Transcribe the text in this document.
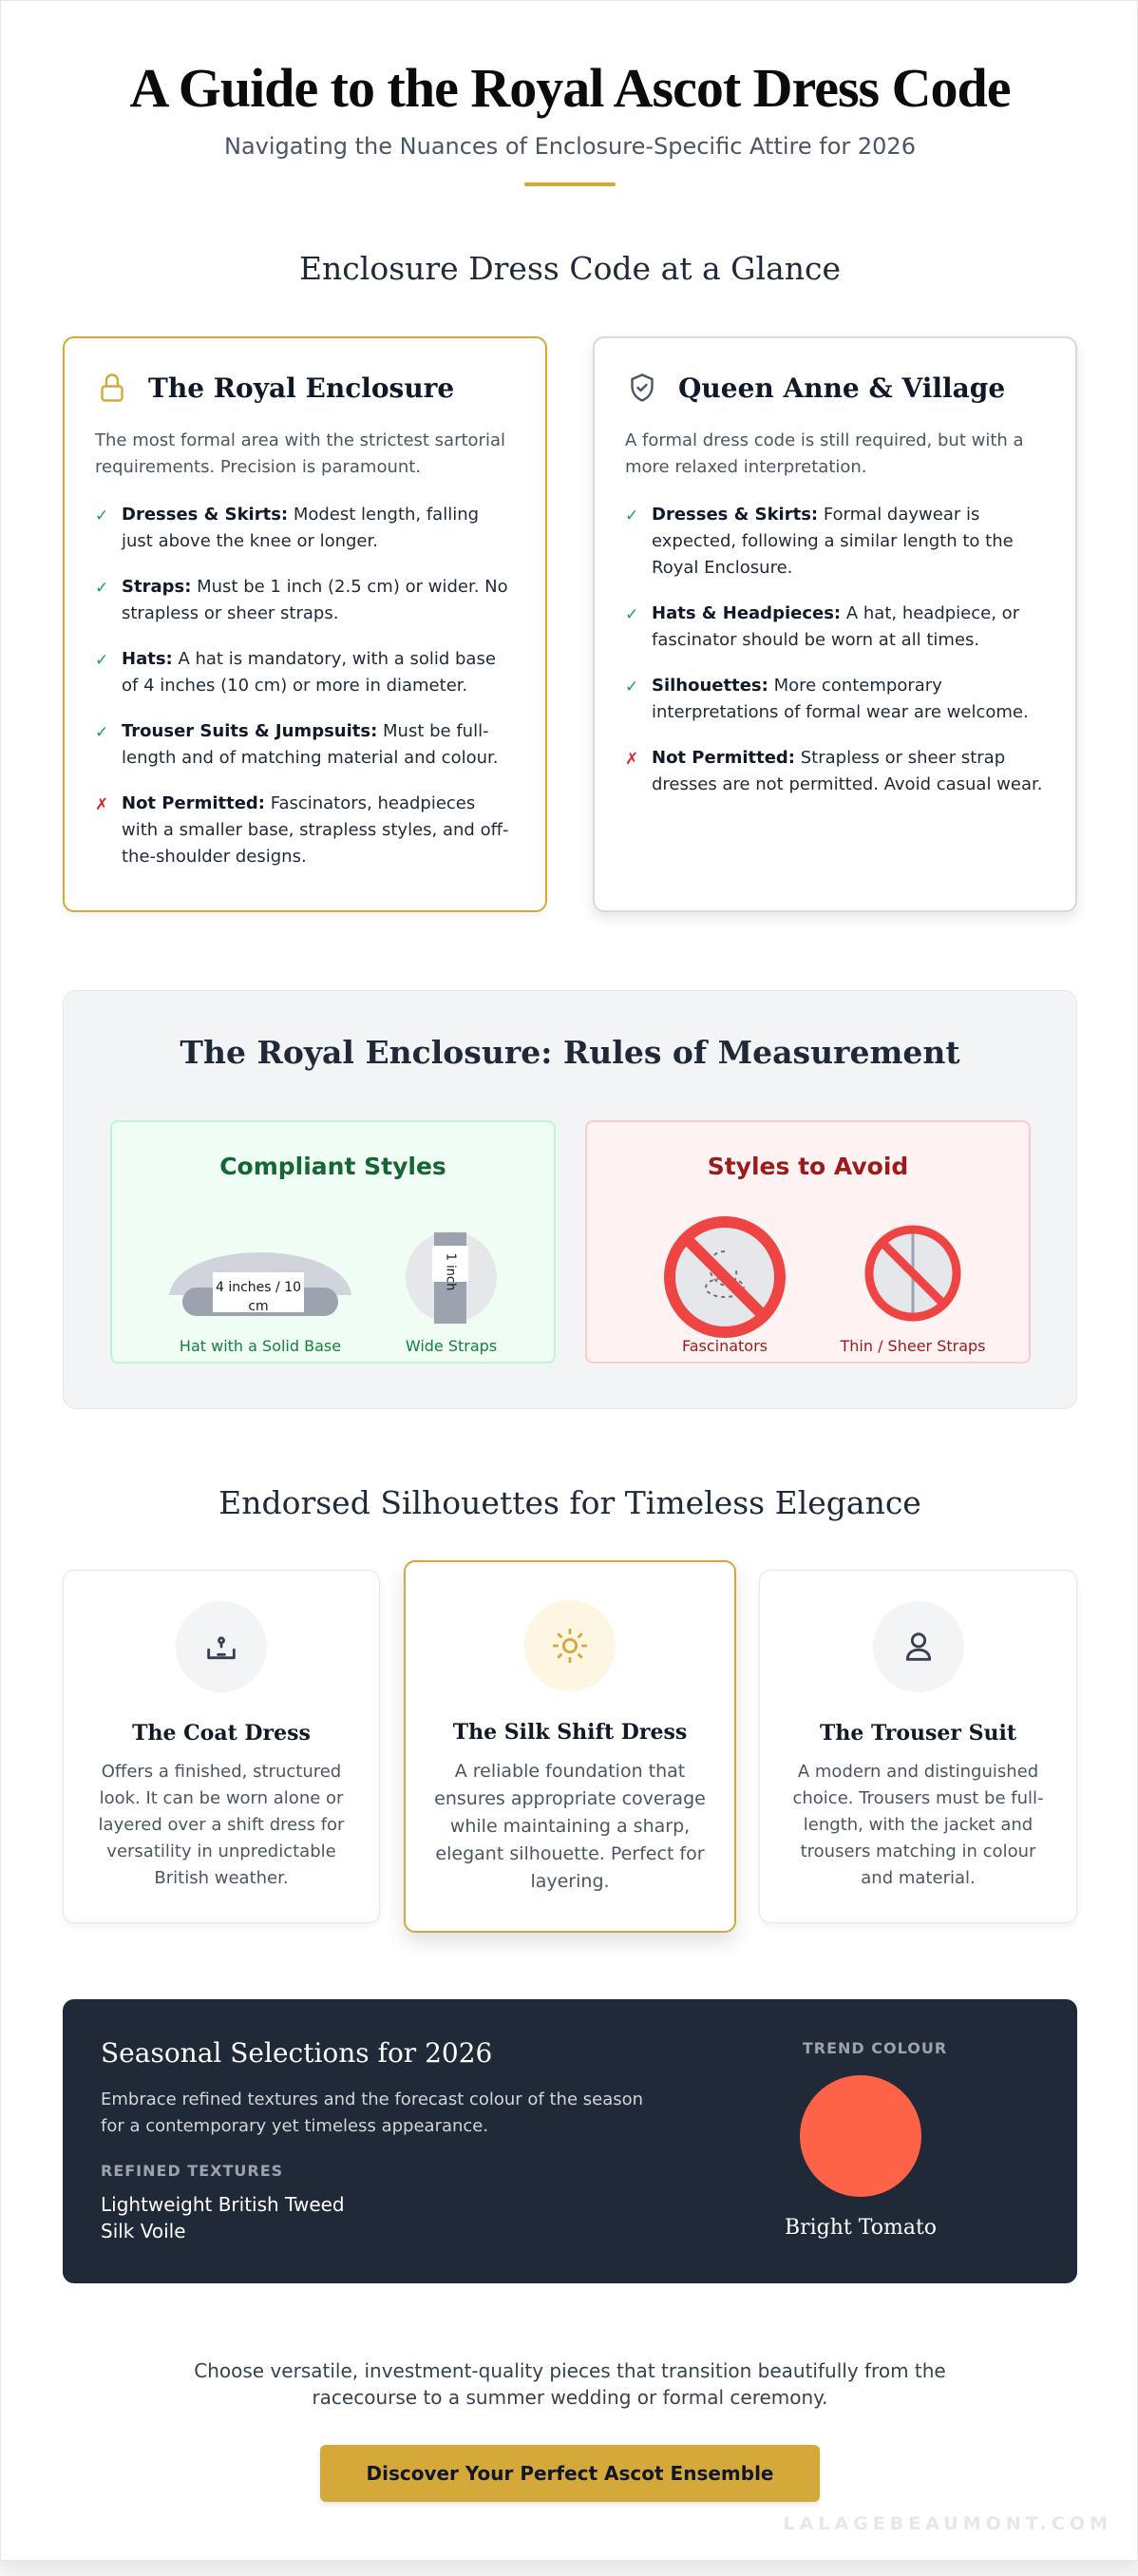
A Guide to the Royal Ascot Dress Code
Navigating the Nuances of Enclosure-Specific Attire for 2026
Enclosure Dress Code at a Glance
The Royal Enclosure

The most formal area with the strictest sartorial requirements. Precision is paramount.

✓ Dresses & Skirts: Modest length, falling just above the knee or longer.
✓ Straps: Must be 1 inch (2.5 cm) or wider. No strapless or sheer straps.
✓ Hats: A hat is mandatory, with a solid base of 4 inches (10 cm) or more in diameter.
✓ Trouser Suits & Jumpsuits: Must be full-length and of matching material and colour.
✗ Not Permitted: Fascinators, headpieces with a smaller base, strapless styles, and off-the-shoulder designs.
Queen Anne & Village

A formal dress code is still required, but with a more relaxed interpretation.

✓ Dresses & Skirts: Formal daywear is expected, following a similar length to the Royal Enclosure.
✓ Hats & Headpieces: A hat, headpiece, or fascinator should be worn at all times.
✓ Silhouettes: More contemporary interpretations of formal wear are welcome.
✗ Not Permitted: Strapless or sheer strap dresses are not permitted. Avoid casual wear.
The Royal Enclosure: Rules of Measurement
Compliant Styles
4 inches / 10 cm
Hat with a Solid Base
1 inch
Wide Straps
Styles to Avoid
Fascinators	Thin / Sheer Straps
Endorsed Silhouettes for Timeless Elegance
The Coat Dress

Offers a finished, structured look. It can be worn alone or layered over a shift dress for versatility in unpredictable British weather.

The Silk Shift Dress

A reliable foundation that ensures appropriate coverage while maintaining a sharp, elegant silhouette. Perfect for layering.

The Trouser Suit

A modern and distinguished choice. Trousers must be full-length, with the jacket and trousers matching in colour and material.

Seasonal Selections for 2026

Embrace refined textures and the forecast colour of the season for a contemporary yet timeless appearance.

REFINED TEXTURES
Lightweight British Tweed
Silk Voile
TREND COLOUR
Bright Tomato

Choose versatile, investment-quality pieces that transition beautifully from the racecourse to a summer wedding or formal ceremony.

Discover Your Perfect Ascot Ensemble
LALAGEBEAUMONT.COM
